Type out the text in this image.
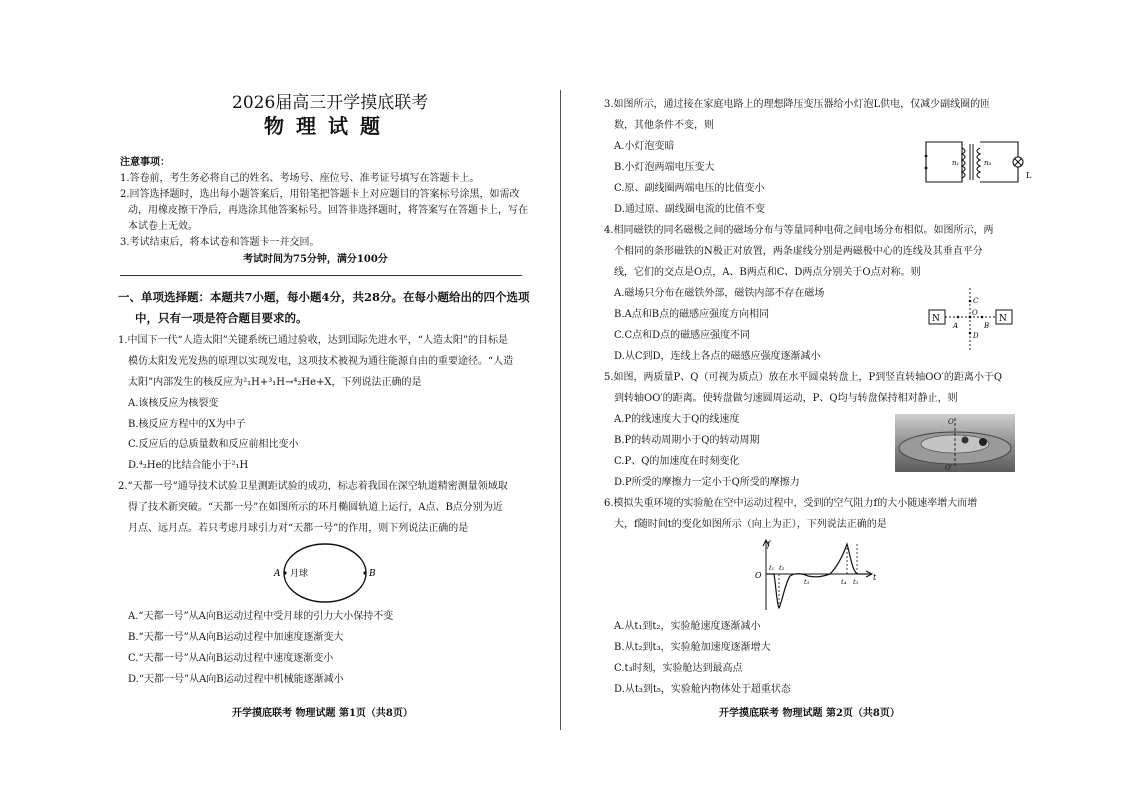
2026届高三开学摸底联考
物理试题
注意事项：
1.答卷前，考生务必将自己的姓名、考场号、座位号、准考证号填写在答题卡上。
2.回答选择题时，选出每小题答案后，用铅笔把答题卡上对应题目的答案标号涂黑，如需改
动，用橡皮擦干净后，再选涂其他答案标号。回答非选择题时，将答案写在答题卡上，写在
本试卷上无效。
3.考试结束后，将本试卷和答题卡一并交回。
考试时间为75分钟，满分100分
一、单项选择题：本题共7小题，每小题4分，共28分。在每小题给出的四个选项
中，只有一项是符合题目要求的。
1.中国下一代“人造太阳”关键系统已通过验收，达到国际先进水平，“人造太阳”的目标是
模仿太阳发光发热的原理以实现发电，这项技术被视为通往能源自由的重要途径。“人造
太阳”内部发生的核反应为²₁H+³₁H→⁴₂He+X，下列说法正确的是
A.该核反应为核裂变
B.核反应方程中的X为中子
C.反应后的总质量数和反应前相比变小
D.⁴₂He的比结合能小于²₁H
2.“天都一号”通导技术试验卫星测距试验的成功，标志着我国在深空轨道精密测量领域取
得了技术新突破。“天都一号”在如图所示的环月椭圆轨道上运行，A点、B点分别为近
月点、远月点。若只考虑月球引力对“天都一号”的作用，则下列说法正确的是
A 月球	B
A.“天都一号”从A向B运动过程中受月球的引力大小保持不变
B.“天都一号”从A向B运动过程中加速度逐渐变大
C.“天都一号”从A向B运动过程中速度逐渐变小
D.“天都一号”从A向B运动过程中机械能逐渐减小
开学摸底联考 物理试题 第1页（共8页）
3.如图所示，通过接在家庭电路上的理想降压变压器给小灯泡L供电，仅减少副线圈的匝
数，其他条件不变，则
A.小灯泡变暗
B.小灯泡两端电压变大
C.原、副线圈两端电压的比值变小
D.通过原、副线圈电流的比值不变
n₁	n₂
L
4.相同磁铁的同名磁极之间的磁场分布与等量同种电荷之间电场分布相似。如图所示，两
个相同的条形磁铁的N极正对放置，两条虚线分别是两磁极中心的连线及其垂直平分
线，它们的交点是O点，A、B两点和C、D两点分别关于O点对称。则
A.磁场只分布在磁铁外部，磁铁内部不存在磁场
B.A点和B点的磁感应强度方向相同
C.C点和D点的磁感应强度不同
D.从C到D，连线上各点的磁感应强度逐渐减小
N	N
A	B
C
D
O
5.如图，两质量P、Q（可视为质点）放在水平圆桌转盘上，P到竖直转轴OO′的距离小于Q
到转轴OO′的距离。使转盘做匀速圆周运动，P、Q均与转盘保持相对静止，则
A.P的线速度大于Q的线速度
B.P的转动周期小于Q的转动周期
C.P、Q的加速度在时刻变化
D.P所受的摩擦力一定小于Q所受的摩擦力
O
O′
6.模拟失重环境的实验舱在空中运动过程中，受到的空气阻力f的大小随速率增大而增
大，f随时间t的变化如图所示（向上为正），下列说法正确的是
f
O	t
t₁ t₂
t₃	t₄ t₅
A.从t₁到t₂，实验舱速度逐渐减小
B.从t₂到t₃，实验舱加速度逐渐增大
C.t₃时刻，实验舱达到最高点
D.从t₃到t₅，实验舱内物体处于超重状态
开学摸底联考 物理试题 第2页（共8页）
